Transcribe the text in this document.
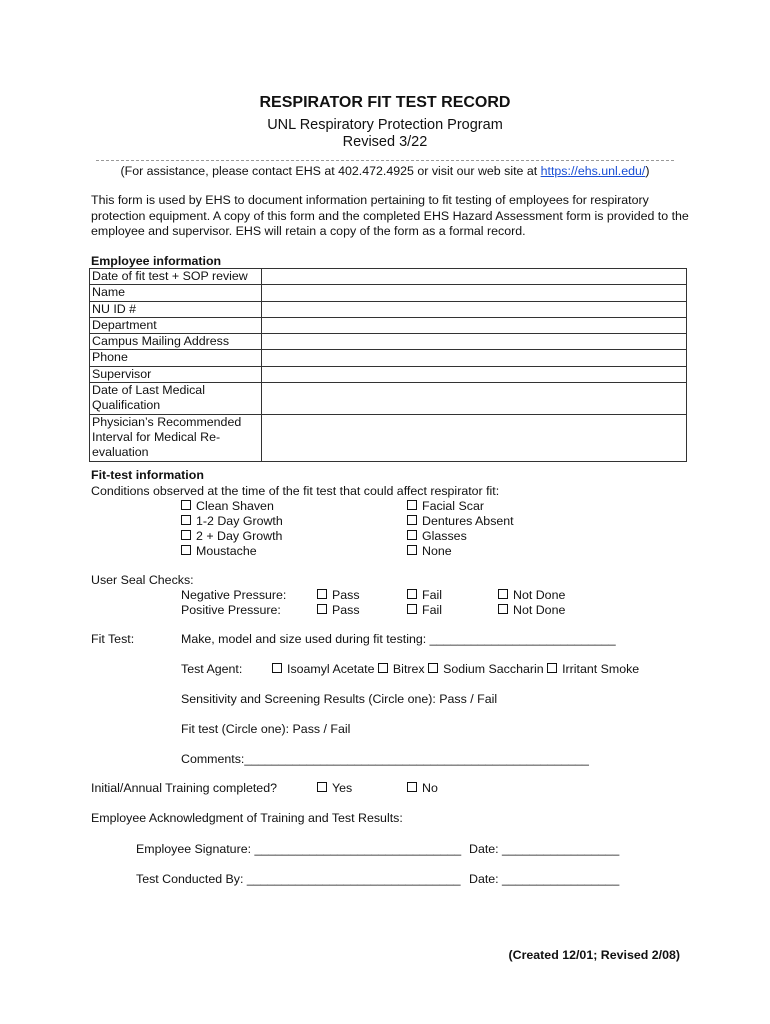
RESPIRATOR FIT TEST RECORD
UNL Respiratory Protection Program
Revised 3/22
(For assistance, please contact EHS at 402.472.4925 or visit our web site at https://ehs.unl.edu/)
This form is used by EHS to document information pertaining to fit testing of employees for respiratory protection equipment. A copy of this form and the completed EHS Hazard Assessment form is provided to the employee and supervisor. EHS will retain a copy of the form as a formal record.
Employee information
Date of fit test + SOP review	
Name	
NU ID #	
Department	
Campus Mailing Address	
Phone	
Supervisor	
Date of Last Medical Qualification	
Physician’s Recommended Interval for Medical Re-evaluation	
Fit-test information
Conditions observed at the time of the fit test that could affect respirator fit:
Clean Shaven
1-2 Day Growth
2 + Day Growth
Moustache
Facial Scar
Dentures Absent
Glasses
None
User Seal Checks:
Negative Pressure:	Pass	Fail	Not Done
Positive Pressure:	Pass	Fail	Not Done
Fit Test:	Make, model and size used during fit testing: ___________________________
Test Agent:	Isoamyl Acetate Bitrex Sodium Saccharin Irritant Smoke
Sensitivity and Screening Results (Circle one): Pass / Fail
Fit test (Circle one): Pass / Fail
Comments:__________________________________________________
Initial/Annual Training completed?	Yes	No
Employee Acknowledgment of Training and Test Results:
Employee Signature: ______________________________ Date: _________________
Test Conducted By: _______________________________ Date: _________________
(Created 12/01; Revised 2/08)
